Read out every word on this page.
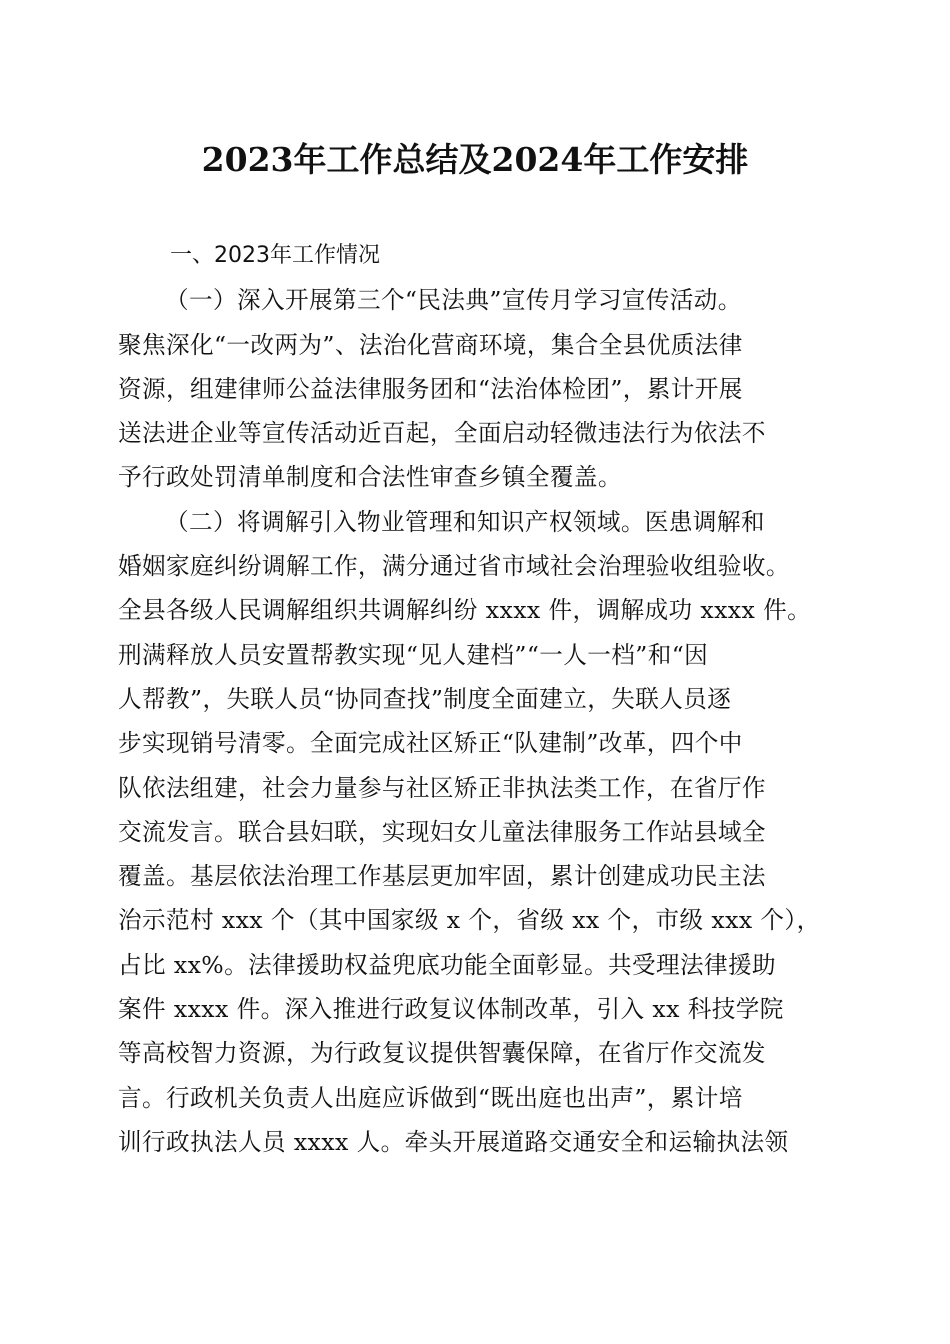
2023年工作总结及2024年工作安排
一、2023年工作情况
（一）深入开展第三个“民法典”宣传月学习宣传活动。
聚焦深化“一改两为”、法治化营商环境，集合全县优质法律
资源，组建律师公益法律服务团和“法治体检团”，累计开展
送法进企业等宣传活动近百起，全面启动轻微违法行为依法不
予行政处罚清单制度和合法性审查乡镇全覆盖。
（二）将调解引入物业管理和知识产权领域。医患调解和
婚姻家庭纠纷调解工作，满分通过省市域社会治理验收组验收。
全县各级人民调解组织共调解纠纷 xxxx 件，调解成功 xxxx 件。
刑满释放人员安置帮教实现“见人建档”“一人一档”和“因
人帮教”，失联人员“协同查找”制度全面建立，失联人员逐
步实现销号清零。全面完成社区矫正“队建制”改革，四个中
队依法组建，社会力量参与社区矫正非执法类工作，在省厅作
交流发言。联合县妇联，实现妇女儿童法律服务工作站县域全
覆盖。基层依法治理工作基层更加牢固，累计创建成功民主法
治示范村 xxx 个（其中国家级 x 个，省级 xx 个，市级 xxx 个），
占比 xx%。法律援助权益兜底功能全面彰显。共受理法律援助
案件 xxxx 件。深入推进行政复议体制改革，引入 xx 科技学院
等高校智力资源，为行政复议提供智囊保障，在省厅作交流发
言。行政机关负责人出庭应诉做到“既出庭也出声”，累计培
训行政执法人员 xxxx 人。牵头开展道路交通安全和运输执法领
